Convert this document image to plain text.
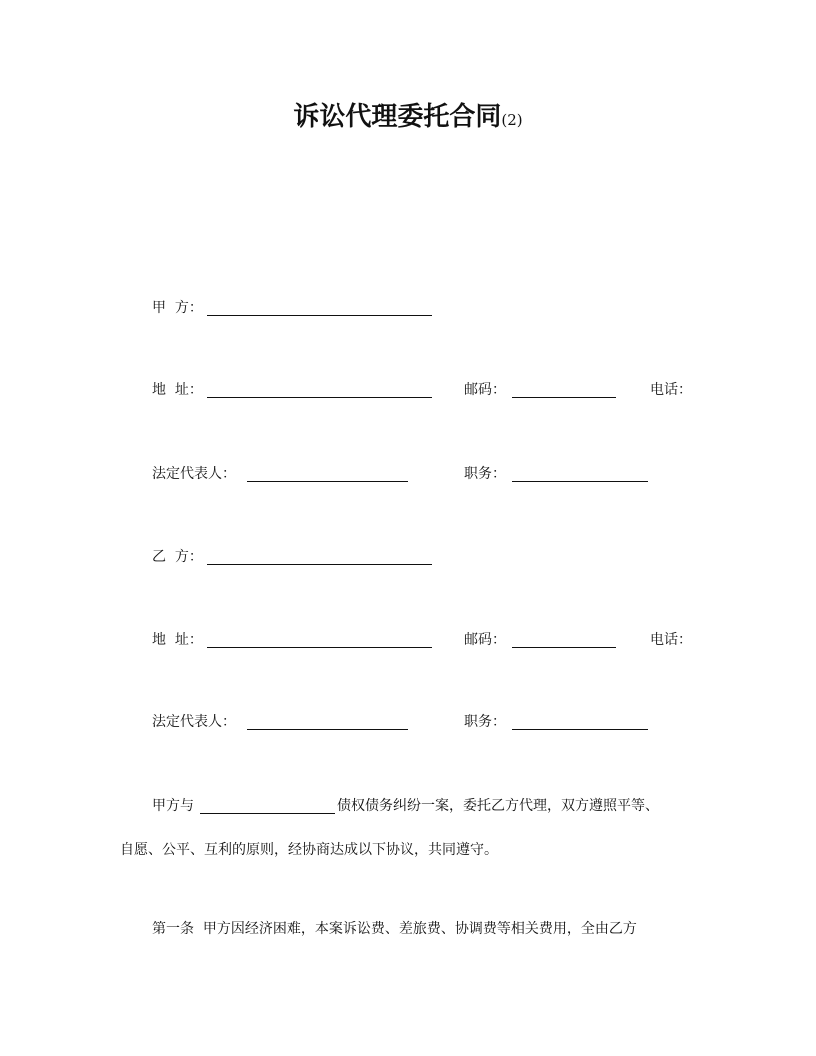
诉讼代理委托合同(2)
甲  方：
地  址：	邮码：	电话：
法定代表人：	职务：
乙  方：
地  址：	邮码：	电话：
法定代表人：	职务：
甲方与	债权债务纠纷一案，委托乙方代理，双方遵照平等、
自愿、公平、互利的原则，经协商达成以下协议，共同遵守。
第一条  甲方因经济困难，本案诉讼费、差旅费、协调费等相关费用，全由乙方
